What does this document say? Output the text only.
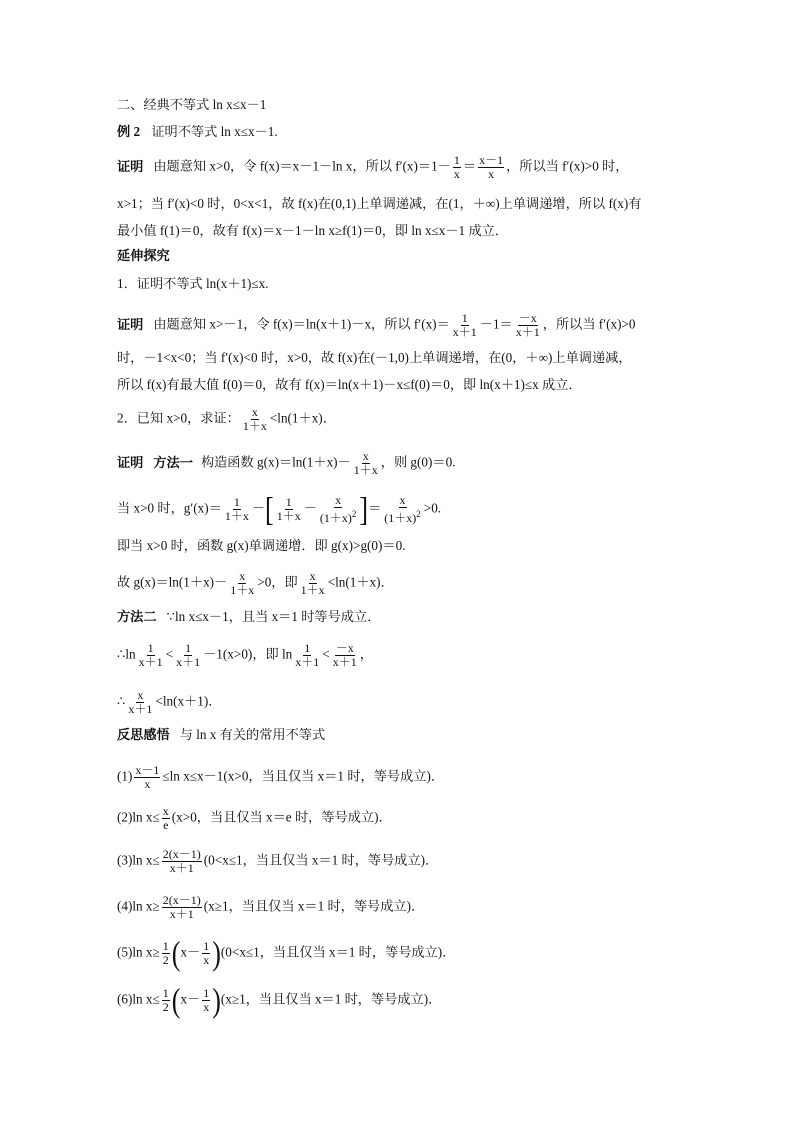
二、经典不等式 ln x≤x－1
例 2 证明不等式 ln x≤x－1.
证明 由题意知 x>0，令 f(x)＝x－1－ln x，所以 $f'(x)=1- \frac{1}{x} = \frac{x-1}{x}$ ，所以当 f′(x)>0 时，
x>1；当 f′(x)<0 时，0<x<1，故 f(x)在(0,1)上单调递减，在(1，＋∞)上单调递增，所以 f(x)有
最小值 f(1)＝0，故有 f(x)＝x－1－ln x≥f(1)＝0，即 ln x≤x－1 成立．
延伸探究
1．证明不等式 ln(x＋1)≤x.
证明 由题意知 x>－1，令 f(x)＝ln(x＋1)－x，所以 $f'(x)= \frac{1}{x+1} -1= \frac{-x}{x+1}$ ，所以当 f′(x)>0
时，－1<x<0；当 f′(x)<0 时，x>0，故 f(x)在(－1,0)上单调递增，在(0，＋∞)上单调递减，
所以 f(x)有最大值 f(0)＝0，故有 f(x)＝ln(x＋1)－x≤f(0)＝0，即 ln(x＋1)≤x 成立．
2．已知 x>0，求证： $\frac{x}{1+x} <\ln(1+x)$．
证明 方法一 构造函数 $g(x)=\ln(1+x)- \frac{x}{1+x}$ ，则 g(0)＝0.
当 x>0 时，$g'(x)= \frac{1}{1+x}$ －[ $\frac{1}{1+x} - \frac{x}{(1+x)^2}$ ]＝ $\frac{x}{(1+x)^2} >0$.
即当 x>0 时，函数 g(x)单调递增．即 g(x)>g(0)＝0.
故 $g(x)=\ln(1+x)- \frac{x}{1+x} >0$，即 $\frac{x}{1+x} <\ln(1+x)$．
方法二 ∵ln x≤x－1，且当 x＝1 时等号成立．
∴ln $\frac{1}{x+1} < \frac{1}{x+1} -1(x>0)$，即 $\ln \frac{1}{x+1} < \frac{-x}{x+1}$ ，
∴ $\frac{x}{x+1} <\ln(x+1)$．
反思感悟 与 ln x 有关的常用不等式
$(1) \frac{x-1}{x} \le\ln$ x≤x－1(x>0，当且仅当 x＝1 时，等号成立)．
(2)ln $x\le \frac{x}{e} (x>0$，当且仅当 x＝e 时，等号成立)．
(3)ln $x\le \frac{2(x-1)}{x+1} (0<x\le 1$，当且仅当 x＝1 时，等号成立)．
(4)ln $x\ge \frac{2(x-1)}{x+1} (x\ge 1$，当且仅当 x＝1 时，等号成立)．
(5)ln $x\ge \frac{1}{2} (x- \frac{1}{x} )(0<x\le 1$，当且仅当 x＝1 时，等号成立)．
(6)ln $x\le \frac{1}{2} (x- \frac{1}{x} )(x\ge 1$，当且仅当 x＝1 时，等号成立)．
